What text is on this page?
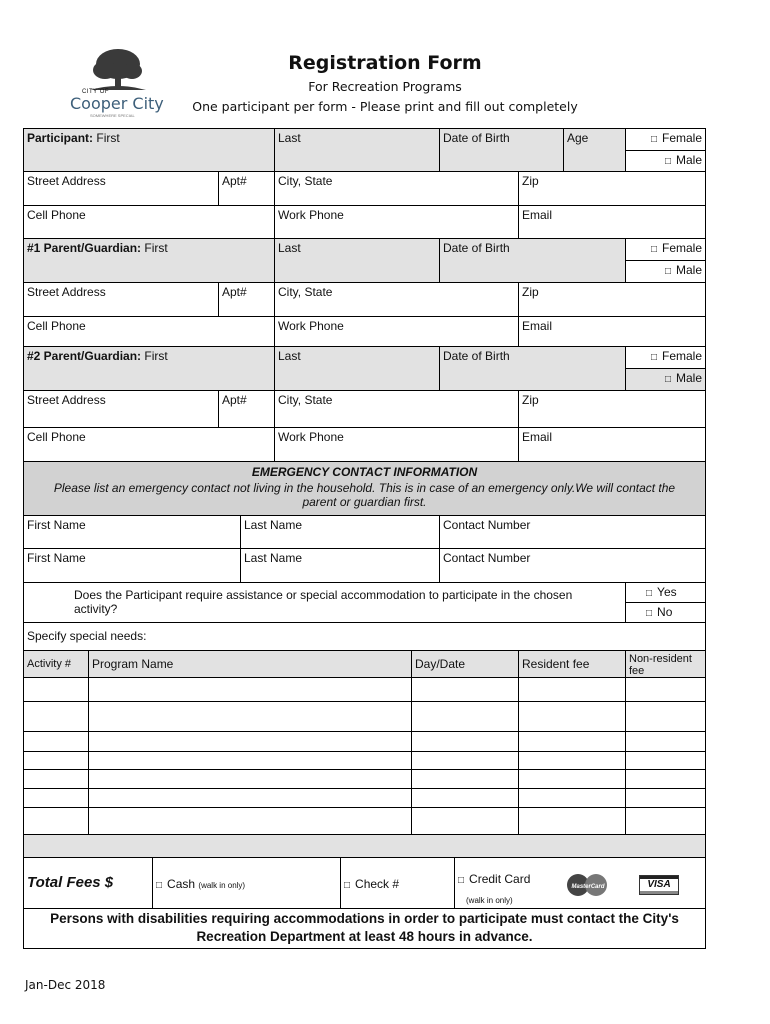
CITY OF
Cooper City
SOMEWHERE SPECIAL
Registration Form
For Recreation Programs
One participant per form - Please print and fill out completely
Participant: First	Last	Date of Birth	Age	□ Female
□ Male
Street Address	Apt#	City, State	Zip
Cell Phone	Work Phone	Email
#1 Parent/Guardian: First	Last	Date of Birth	□ Female
□ Male
Street Address	Apt#	City, State	Zip
Cell Phone	Work Phone	Email
#2 Parent/Guardian: First	Last	Date of Birth	□ Female
□ Male
Street Address	Apt#	City, State	Zip
Cell Phone	Work Phone	Email
EMERGENCY CONTACT INFORMATION
Please list an emergency contact not living in the household. This is in case of an emergency only.We will contact the parent or guardian first.
First Name	Last Name	Contact Number
First Name	Last Name	Contact Number
Does the Participant require assistance or special accommodation to participate in the chosen activity?
□ Yes
□ No
Specify special needs:
Activity #	Program Name	Day/Date	Resident fee	Non-resident fee
Total Fees $	□ Cash (walk in only)	□ Check #	□ Credit Card
(walk in only)
MasterCard	VISA
Persons with disabilities requiring accommodations in order to participate must contact the City's Recreation Department at least 48 hours in advance.
Jan-Dec 2018
